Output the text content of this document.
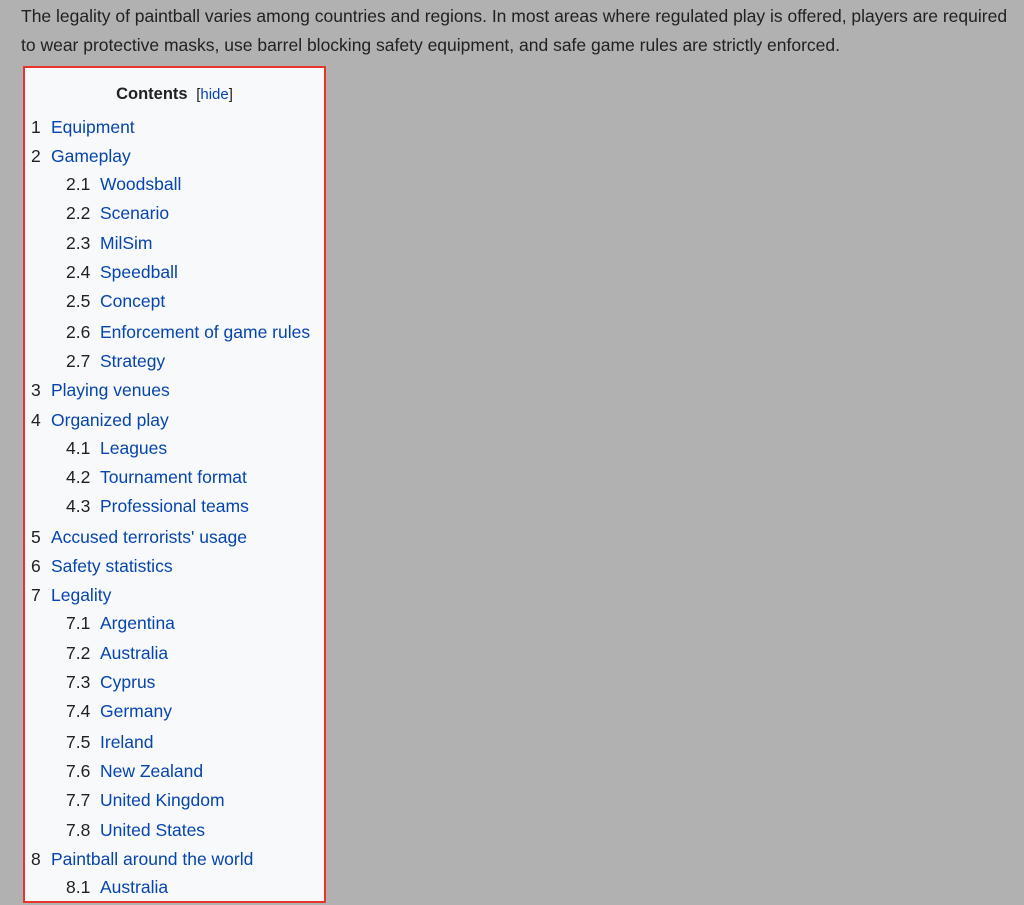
The legality of paintball varies among countries and regions. In most areas where regulated play is offered, players are required to wear protective masks, use barrel blocking safety equipment, and safe game rules are strictly enforced.

Contents [hide]
1 Equipment
2 Gameplay
2.1 Woodsball
2.2 Scenario
2.3 MilSim
2.4 Speedball
2.5 Concept
2.6 Enforcement of game rules
2.7 Strategy
3 Playing venues
4 Organized play
4.1 Leagues
4.2 Tournament format
4.3 Professional teams
5 Accused terrorists' usage
6 Safety statistics
7 Legality
7.1 Argentina
7.2 Australia
7.3 Cyprus
7.4 Germany
7.5 Ireland
7.6 New Zealand
7.7 United Kingdom
7.8 United States
8 Paintball around the world
8.1 Australia
